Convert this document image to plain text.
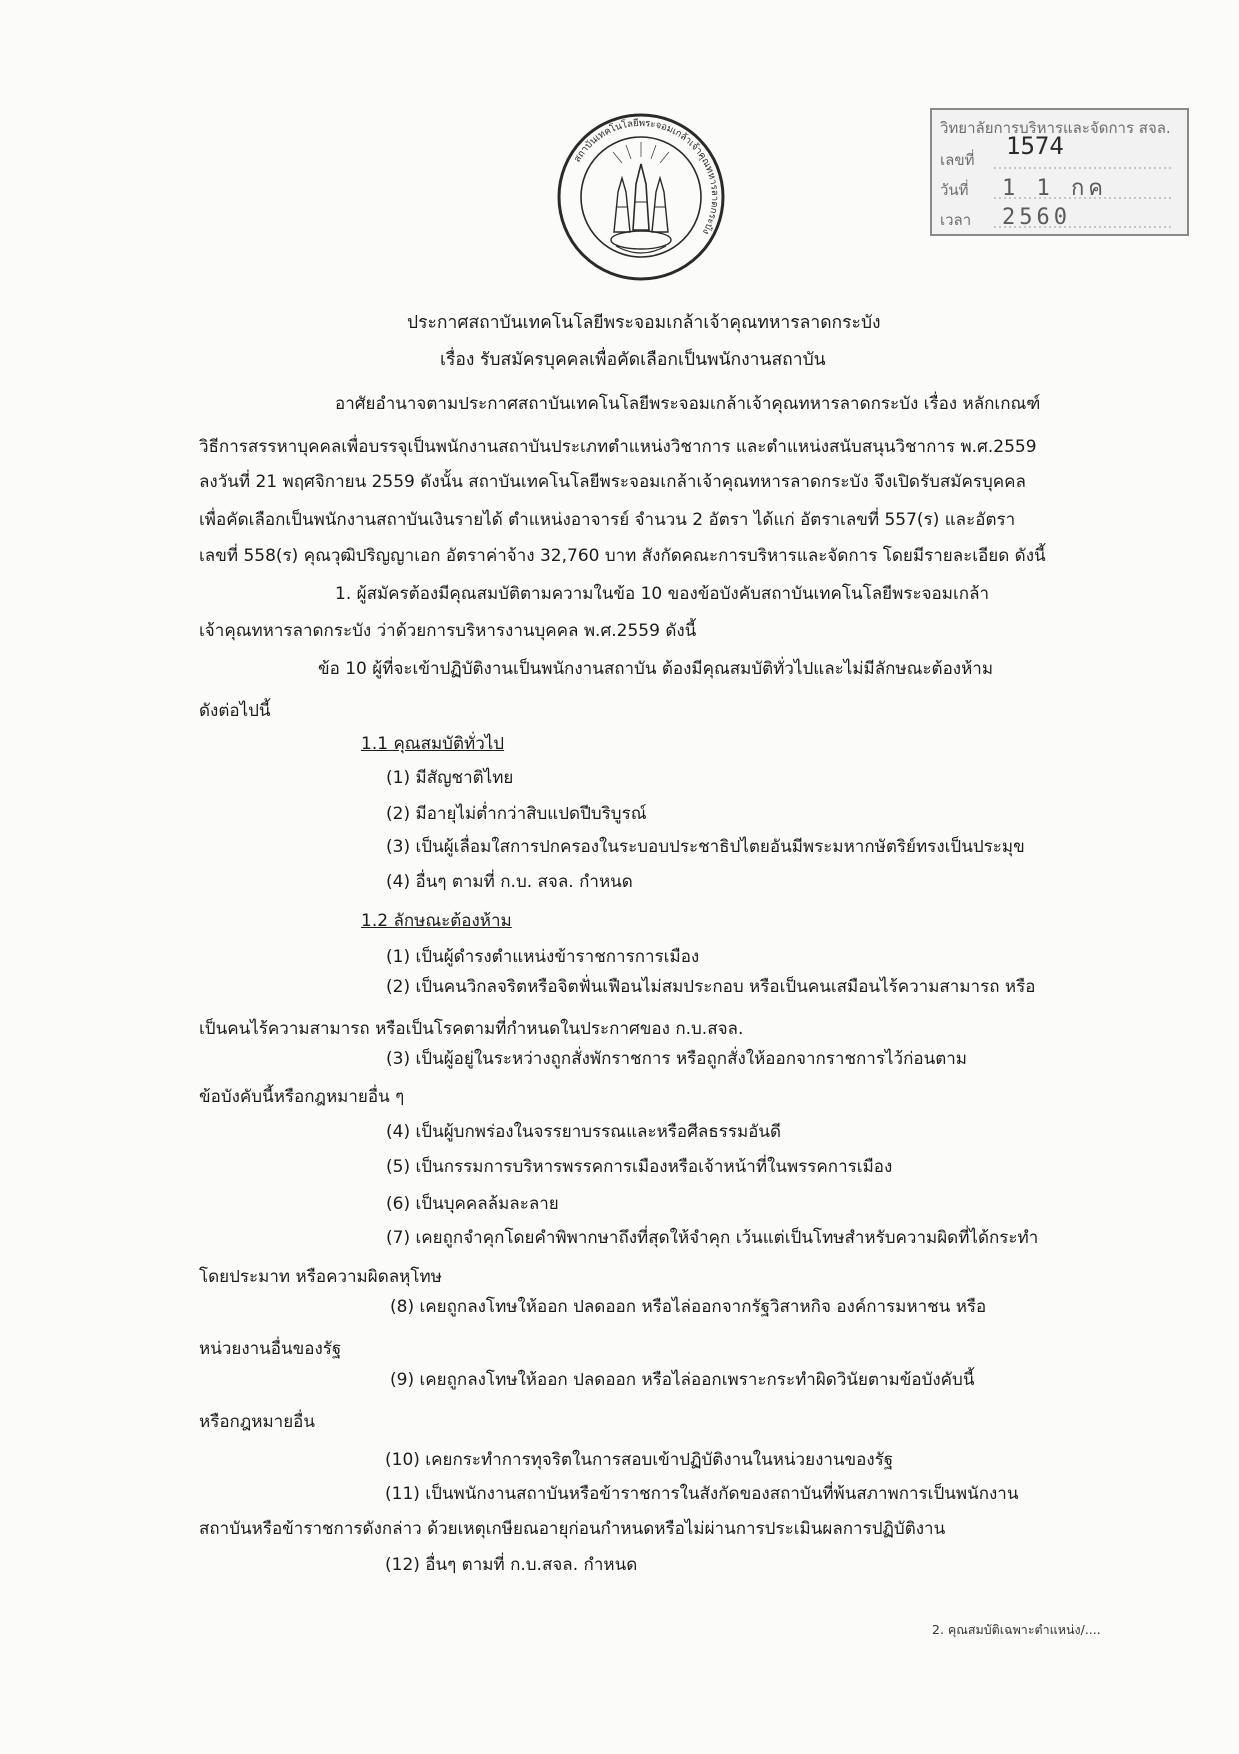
สถาบันเทคโนโลยีพระจอมเกล้าเจ้าคุณทหารลาดกระบัง
วิทยาลัยการบริหารและจัดการ สจล.
เลขที่ 1574
วันที่ 1 1 กค 2560
เวลา
ประกาศสถาบันเทคโนโลยีพระจอมเกล้าเจ้าคุณทหารลาดกระบัง
เรื่อง รับสมัครบุคคลเพื่อคัดเลือกเป็นพนักงานสถาบัน
อาศัยอำนาจตามประกาศสถาบันเทคโนโลยีพระจอมเกล้าเจ้าคุณทหารลาดกระบัง เรื่อง หลักเกณฑ์
วิธีการสรรหาบุคคลเพื่อบรรจุเป็นพนักงานสถาบันประเภทตำแหน่งวิชาการ และตำแหน่งสนับสนุนวิชาการ พ.ศ.2559
ลงวันที่ 21 พฤศจิกายน 2559 ดังนั้น สถาบันเทคโนโลยีพระจอมเกล้าเจ้าคุณทหารลาดกระบัง จึงเปิดรับสมัครบุคคล
เพื่อคัดเลือกเป็นพนักงานสถาบันเงินรายได้ ตำแหน่งอาจารย์ จำนวน 2 อัตรา ได้แก่ อัตราเลขที่ 557(ร) และอัตรา
เลขที่ 558(ร) คุณวุฒิปริญญาเอก อัตราค่าจ้าง 32,760 บาท สังกัดคณะการบริหารและจัดการ โดยมีรายละเอียด ดังนี้
1. ผู้สมัครต้องมีคุณสมบัติตามความในข้อ 10 ของข้อบังคับสถาบันเทคโนโลยีพระจอมเกล้า
เจ้าคุณทหารลาดกระบัง ว่าด้วยการบริหารงานบุคคล พ.ศ.2559 ดังนี้
ข้อ 10 ผู้ที่จะเข้าปฏิบัติงานเป็นพนักงานสถาบัน ต้องมีคุณสมบัติทั่วไปและไม่มีลักษณะต้องห้าม
ดังต่อไปนี้
1.1 คุณสมบัติทั่วไป
(1) มีสัญชาติไทย
(2) มีอายุไม่ต่ำกว่าสิบแปดปีบริบูรณ์
(3) เป็นผู้เลื่อมใสการปกครองในระบอบประชาธิปไตยอันมีพระมหากษัตริย์ทรงเป็นประมุข
(4) อื่นๆ ตามที่ ก.บ. สจล. กำหนด
1.2 ลักษณะต้องห้าม
(1) เป็นผู้ดำรงตำแหน่งข้าราชการการเมือง
(2) เป็นคนวิกลจริตหรือจิตฟั่นเฟือนไม่สมประกอบ หรือเป็นคนเสมือนไร้ความสามารถ หรือ
เป็นคนไร้ความสามารถ หรือเป็นโรคตามที่กำหนดในประกาศของ ก.บ.สจล.
(3) เป็นผู้อยู่ในระหว่างถูกสั่งพักราชการ หรือถูกสั่งให้ออกจากราชการไว้ก่อนตาม
ข้อบังคับนี้หรือกฎหมายอื่น ๆ
(4) เป็นผู้บกพร่องในจรรยาบรรณและหรือศีลธรรมอันดี
(5) เป็นกรรมการบริหารพรรคการเมืองหรือเจ้าหน้าที่ในพรรคการเมือง
(6) เป็นบุคคลล้มละลาย
(7) เคยถูกจำคุกโดยคำพิพากษาถึงที่สุดให้จำคุก เว้นแต่เป็นโทษสำหรับความผิดที่ได้กระทำ
โดยประมาท หรือความผิดลหุโทษ
(8) เคยถูกลงโทษให้ออก ปลดออก หรือไล่ออกจากรัฐวิสาหกิจ องค์การมหาชน หรือ
หน่วยงานอื่นของรัฐ
(9) เคยถูกลงโทษให้ออก ปลดออก หรือไล่ออกเพราะกระทำผิดวินัยตามข้อบังคับนี้
หรือกฎหมายอื่น
(10) เคยกระทำการทุจริตในการสอบเข้าปฏิบัติงานในหน่วยงานของรัฐ
(11) เป็นพนักงานสถาบันหรือข้าราชการในสังกัดของสถาบันที่พ้นสภาพการเป็นพนักงาน
สถาบันหรือข้าราชการดังกล่าว ด้วยเหตุเกษียณอายุก่อนกำหนดหรือไม่ผ่านการประเมินผลการปฏิบัติงาน
(12) อื่นๆ ตามที่ ก.บ.สจล. กำหนด
2. คุณสมบัติเฉพาะตำแหน่ง/....
